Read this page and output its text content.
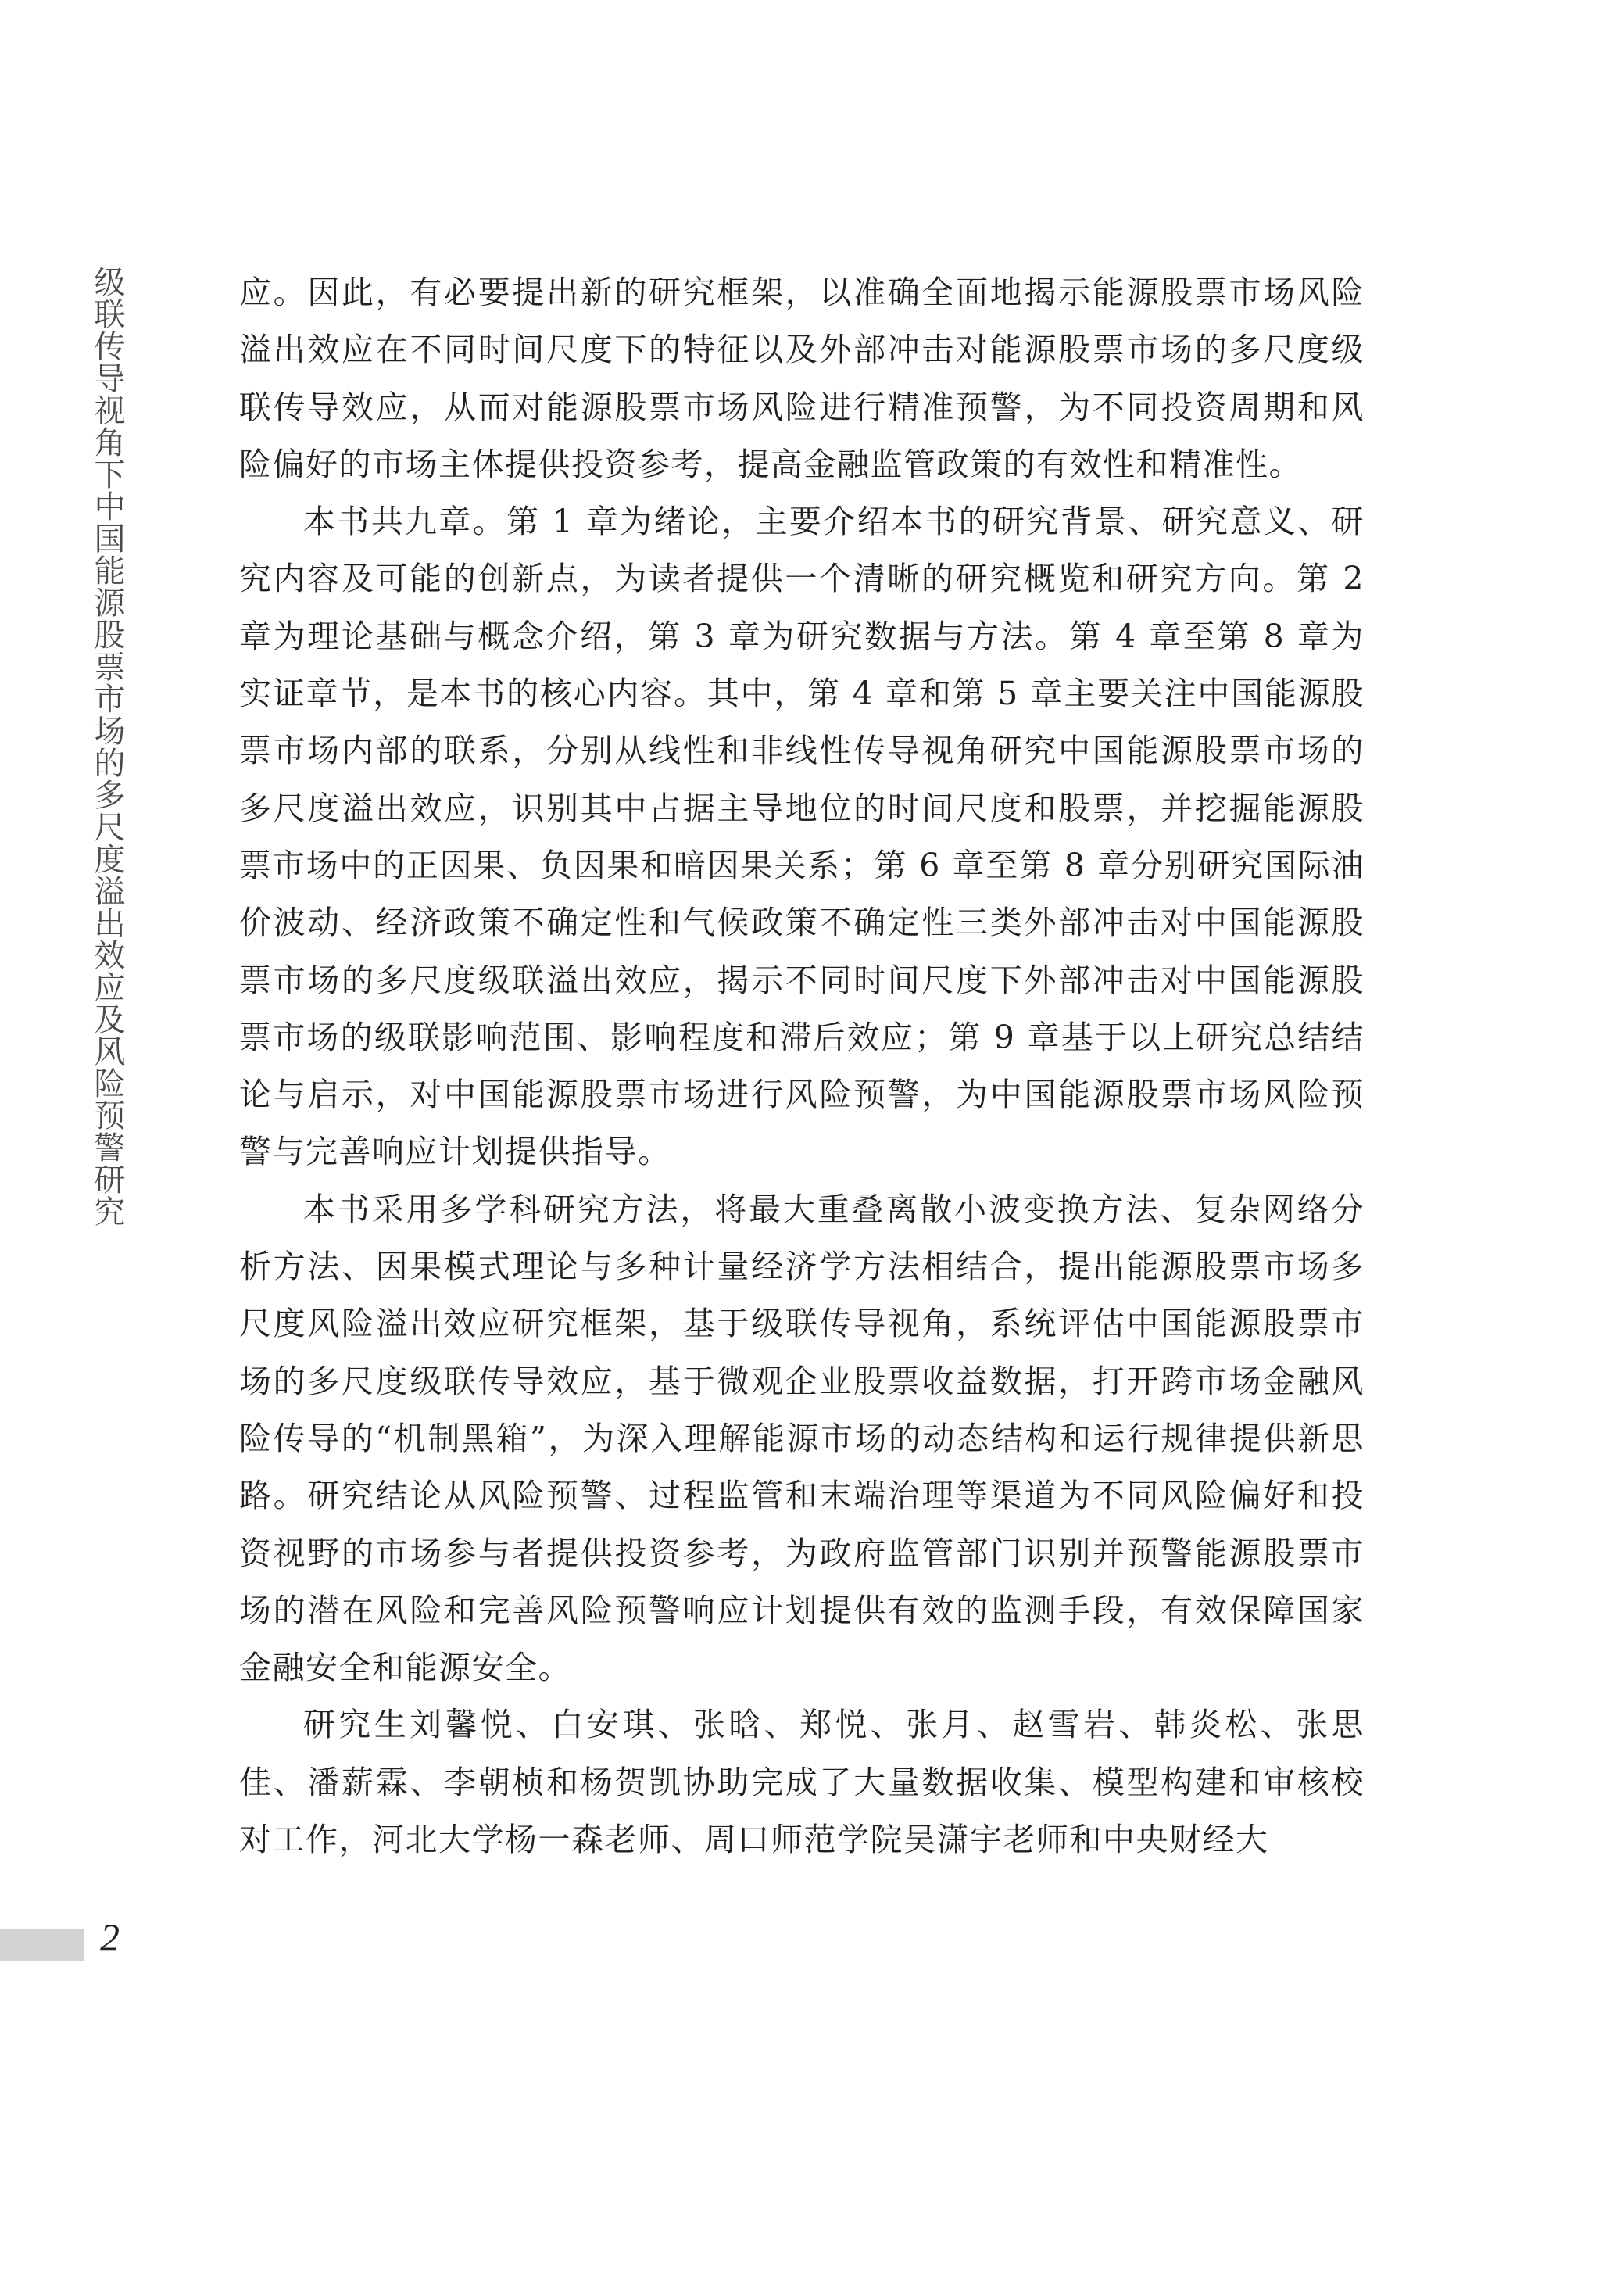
级联传导视角下中国能源股票市场的多尺度溢出效应及风险预警研究
2

应。因此，有必要提出新的研究框架，以准确全面地揭示能源股票市场风险溢出效应在不同时间尺度下的特征以及外部冲击对能源股票市场的多尺度级联传导效应，从而对能源股票市场风险进行精准预警，为不同投资周期和风险偏好的市场主体提供投资参考，提高金融监管政策的有效性和精准性。

本书共九章。第 1 章为绪论，主要介绍本书的研究背景、研究意义、研究内容及可能的创新点，为读者提供一个清晰的研究概览和研究方向。第 2 章为理论基础与概念介绍，第 3 章为研究数据与方法。第 4 章至第 8 章为实证章节，是本书的核心内容。其中，第 4 章和第 5 章主要关注中国能源股票市场内部的联系，分别从线性和非线性传导视角研究中国能源股票市场的多尺度溢出效应，识别其中占据主导地位的时间尺度和股票，并挖掘能源股票市场中的正因果、负因果和暗因果关系；第 6 章至第 8 章分别研究国际油价波动、经济政策不确定性和气候政策不确定性三类外部冲击对中国能源股票市场的多尺度级联溢出效应，揭示不同时间尺度下外部冲击对中国能源股票市场的级联影响范围、影响程度和滞后效应；第 9 章基于以上研究总结结论与启示，对中国能源股票市场进行风险预警，为中国能源股票市场风险预警与完善响应计划提供指导。

本书采用多学科研究方法，将最大重叠离散小波变换方法、复杂网络分析方法、因果模式理论与多种计量经济学方法相结合，提出能源股票市场多尺度风险溢出效应研究框架，基于级联传导视角，系统评估中国能源股票市场的多尺度级联传导效应，基于微观企业股票收益数据，打开跨市场金融风险传导的“机制黑箱”，为深入理解能源市场的动态结构和运行规律提供新思路。研究结论从风险预警、过程监管和末端治理等渠道为不同风险偏好和投资视野的市场参与者提供投资参考，为政府监管部门识别并预警能源股票市场的潜在风险和完善风险预警响应计划提供有效的监测手段，有效保障国家金融安全和能源安全。

研究生刘馨悦、白安琪、张晗、郑悦、张月、赵雪岩、韩炎松、张思佳、潘薪霖、李朝桢和杨贺凯协助完成了大量数据收集、模型构建和审核校对工作，河北大学杨一森老师、周口师范学院吴潇宇老师和中央财经大
